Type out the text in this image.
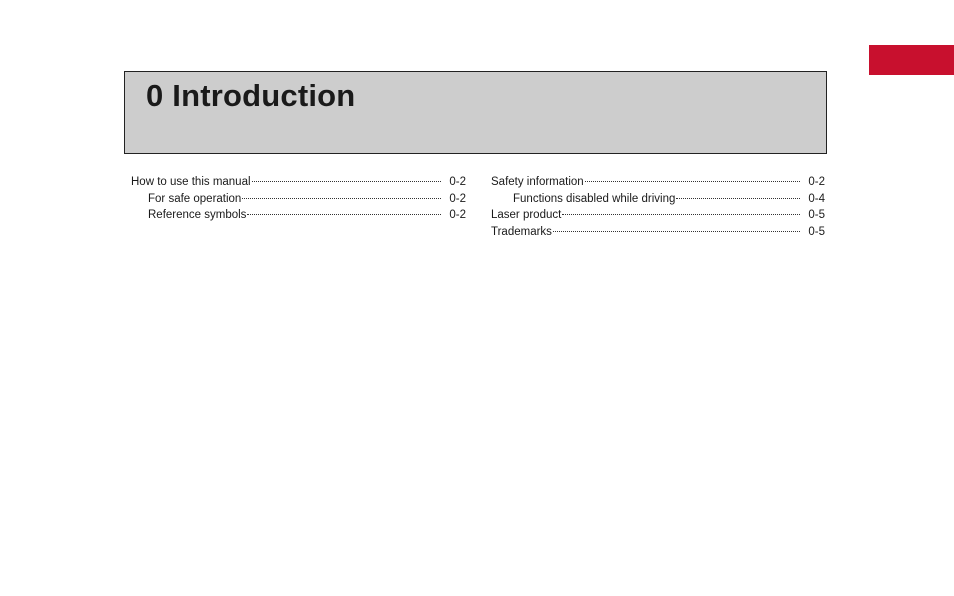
0 Introduction
How to use this manual	0-2
For safe operation	0-2
Reference symbols	0-2
Safety information	0-2
Functions disabled while driving	0-4
Laser product	0-5
Trademarks	0-5
